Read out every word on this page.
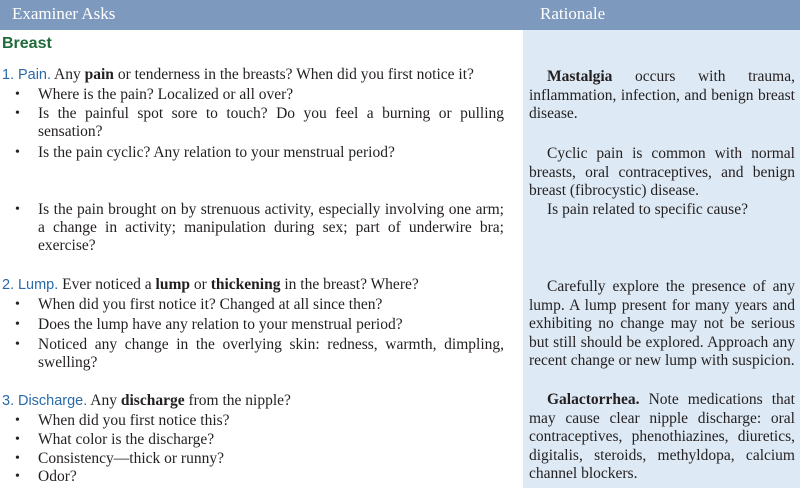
Examiner Asks	Rationale
Breast
1. Pain. Any pain or tenderness in the breasts? When did you first notice it?
• Where is the pain? Localized or all over?
• Is the painful spot sore to touch? Do you feel a burning or pulling sensation?
• Is the pain cyclic? Any relation to your menstrual period?
• Is the pain brought on by strenuous activity, especially involving one arm; a change in activity; manipulation during sex; part of underwire bra; exercise?
2. Lump. Ever noticed a lump or thickening in the breast? Where?
• When did you first notice it? Changed at all since then?
• Does the lump have any relation to your menstrual period?
• Noticed any change in the overlying skin: redness, warmth, dimpling, swelling?
3. Discharge. Any discharge from the nipple?
• When did you first notice this?
• What color is the discharge?
• Consistency—thick or runny?
• Odor?
Mastalgia occurs with trauma, inflammation, infection, and benign breast disease.
Cyclic pain is common with normal breasts, oral contraceptives, and benign breast (fibrocystic) disease.
Is pain related to specific cause?
Carefully explore the presence of any lump. A lump present for many years and exhibiting no change may not be serious but still should be explored. Approach any recent change or new lump with suspicion.
Galactorrhea. Note medications that may cause clear nipple discharge: oral contraceptives, phenothiazines, diuretics, digitalis, steroids, methyldopa, calcium channel blockers.
